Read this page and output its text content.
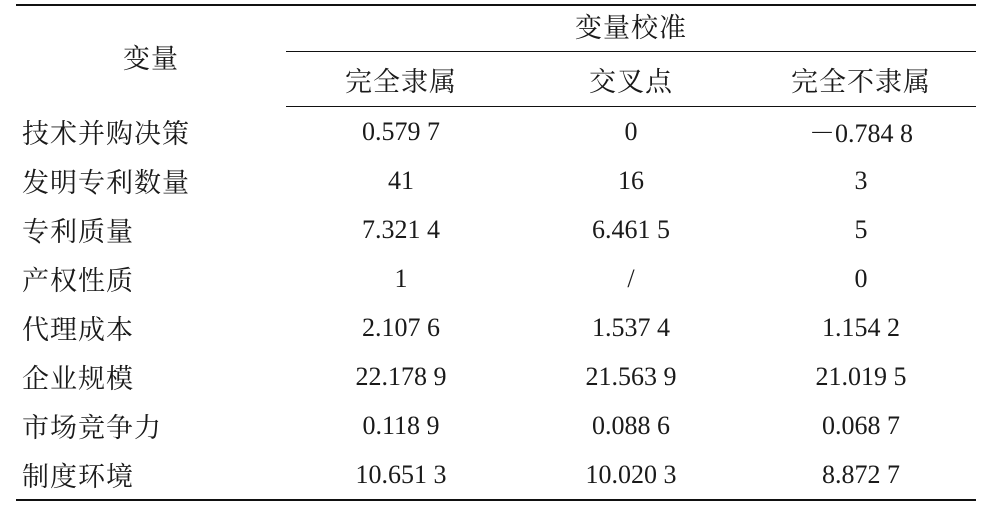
变量	变量校准		
	完全隶属	交叉点	完全不隶属
技术并购决策	0.579 7	0	－0.784 8
发明专利数量	41	16	3
专利质量	7.321 4	6.461 5	5
产权性质	1	/	0
代理成本	2.107 6	1.537 4	1.154 2
企业规模	22.178 9	21.563 9	21.019 5
市场竞争力	0.118 9	0.088 6	0.068 7
制度环境	10.651 3	10.020 3	8.872 7
